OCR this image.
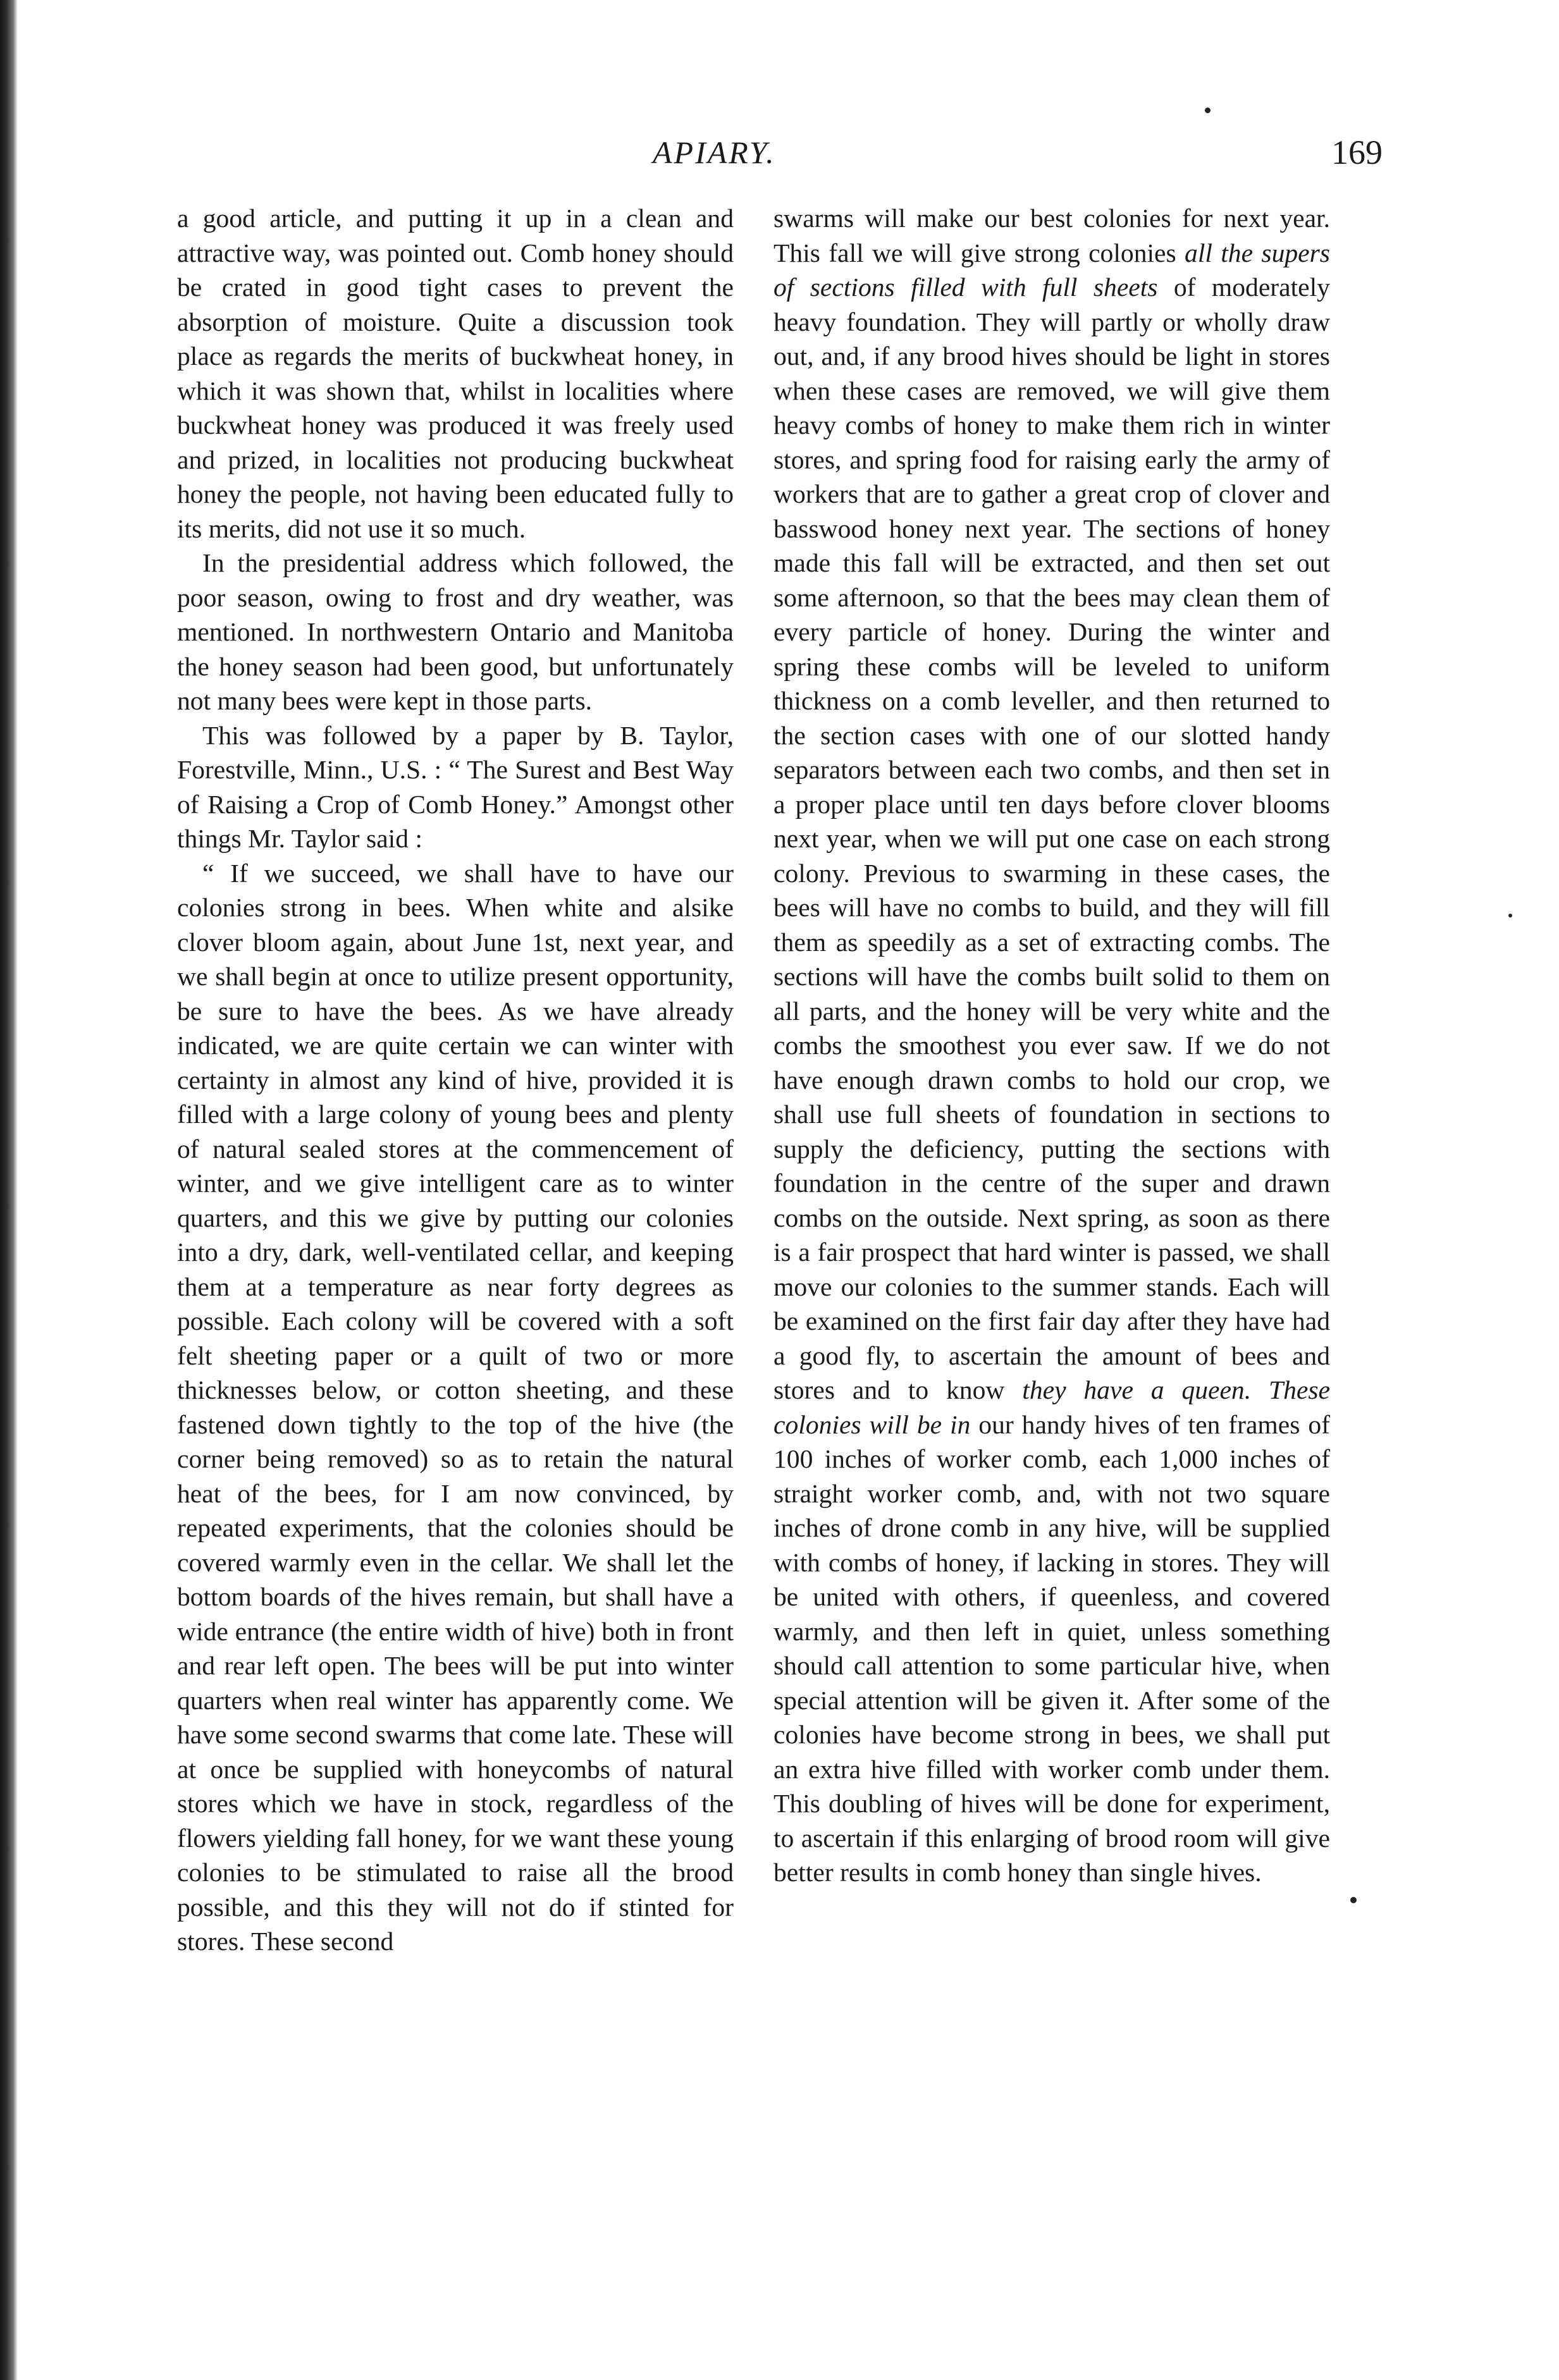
APIARY.	169

a good article, and putting it up in a clean and attractive way, was pointed out. Comb honey should be crated in good tight cases to prevent the absorption of moisture. Quite a discussion took place as regards the merits of buckwheat honey, in which it was shown that, whilst in localities where buckwheat honey was produced it was freely used and prized, in localities not producing buckwheat honey the people, not having been educated fully to its merits, did not use it so much.

In the presidential address which followed, the poor season, owing to frost and dry weather, was mentioned. In northwestern Ontario and Manitoba the honey season had been good, but unfortunately not many bees were kept in those parts.

This was followed by a paper by B. Taylor, Forestville, Minn., U.S. : “ The Surest and Best Way of Raising a Crop of Comb Honey.” Amongst other things Mr. Taylor said :

“ If we succeed, we shall have to have our colonies strong in bees. When white and alsike clover bloom again, about June 1st, next year, and we shall begin at once to utilize present opportunity, be sure to have the bees. As we have already indicated, we are quite certain we can winter with certainty in almost any kind of hive, provided it is filled with a large colony of young bees and plenty of natural sealed stores at the commencement of winter, and we give intelligent care as to winter quarters, and this we give by putting our colonies into a dry, dark, well-ventilated cellar, and keeping them at a temperature as near forty degrees as possible. Each colony will be covered with a soft felt sheeting paper or a quilt of two or more thicknesses below, or cotton sheeting, and these fastened down tightly to the top of the hive (the corner being removed) so as to retain the natural heat of the bees, for I am now convinced, by repeated experiments, that the colonies should be covered warmly even in the cellar. We shall let the bottom boards of the hives remain, but shall have a wide entrance (the entire width of hive) both in front and rear left open. The bees will be put into winter quarters when real winter has apparently come. We have some second swarms that come late. These will at once be supplied with honeycombs of natural stores which we have in stock, regardless of the flowers yielding fall honey, for we want these young colonies to be stimulated to raise all the brood possible, and this they will not do if stinted for stores. These second

swarms will make our best colonies for next year. This fall we will give strong colonies all the supers of sections filled with full sheets of moderately heavy foundation. They will partly or wholly draw out, and, if any brood hives should be light in stores when these cases are removed, we will give them heavy combs of honey to make them rich in winter stores, and spring food for raising early the army of workers that are to gather a great crop of clover and basswood honey next year. The sections of honey made this fall will be extracted, and then set out some afternoon, so that the bees may clean them of every particle of honey. During the winter and spring these combs will be leveled to uniform thickness on a comb leveller, and then returned to the section cases with one of our slotted handy separators between each two combs, and then set in a proper place until ten days before clover blooms next year, when we will put one case on each strong colony. Previous to swarming in these cases, the bees will have no combs to build, and they will fill them as speedily as a set of extracting combs. The sections will have the combs built solid to them on all parts, and the honey will be very white and the combs the smoothest you ever saw. If we do not have enough drawn combs to hold our crop, we shall use full sheets of foundation in sections to supply the deficiency, putting the sections with foundation in the centre of the super and drawn combs on the outside. Next spring, as soon as there is a fair prospect that hard winter is passed, we shall move our colonies to the summer stands. Each will be examined on the first fair day after they have had a good fly, to ascertain the amount of bees and stores and to know they have a queen. These colonies will be in our handy hives of ten frames of 100 inches of worker comb, each 1,000 inches of straight worker comb, and, with not two square inches of drone comb in any hive, will be supplied with combs of honey, if lacking in stores. They will be united with others, if queenless, and covered warmly, and then left in quiet, unless something should call attention to some particular hive, when special attention will be given it. After some of the colonies have become strong in bees, we shall put an extra hive filled with worker comb under them. This doubling of hives will be done for experiment, to ascertain if this enlarging of brood room will give better results in comb honey than single hives.
